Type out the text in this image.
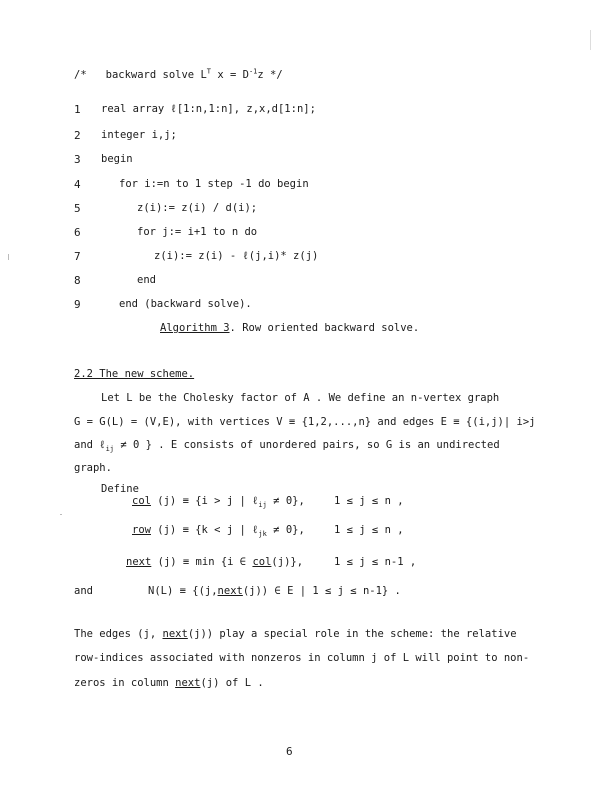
/* backward solve $L^T$ $x = D^{-1}z$ */
1 real array ℓ[1:n,1:n], z,x,d[1:n];
2 integer i,j;
3 begin
4	for i:=n to 1 step -1 do begin
5	z(i):= z(i) / d(i);
6	for j:= i+1 to n do
7	z(i):= z(i) - ℓ(j,i)* z(j)
8	end
9	end (backward solve).
Algorithm 3. Row oriented backward solve.
2.2 The new scheme.
Let L be the Cholesky factor of A . We define an n-vertex graph
G = G(L) = (V,E), with vertices V ≡ {1,2,...,n} and edges E ≡ {(i,j)| i>j
and ℓ$_{ij}$ ≠ 0 } . E consists of unordered pairs, so G is an undirected
graph.
Define
col (j) ≡ {i > j | ℓ$_{ij}$ ≠ 0},	1 ≤ j ≤ n ,
row (j) ≡ {k < j | ℓ$_{jk}$ ≠ 0},	1 ≤ j ≤ n ,
next (j) ≡ min {i ∈ col(j)},	1 ≤ j ≤ n-1 ,
and	N(L) ≡ {(j,next(j)) ∈ E | 1 ≤ j ≤ n-1} .
The edges (j, next(j)) play a special role in the scheme: the relative
row-indices associated with nonzeros in column j of L will point to non-
zeros in column next(j) of L .
6
